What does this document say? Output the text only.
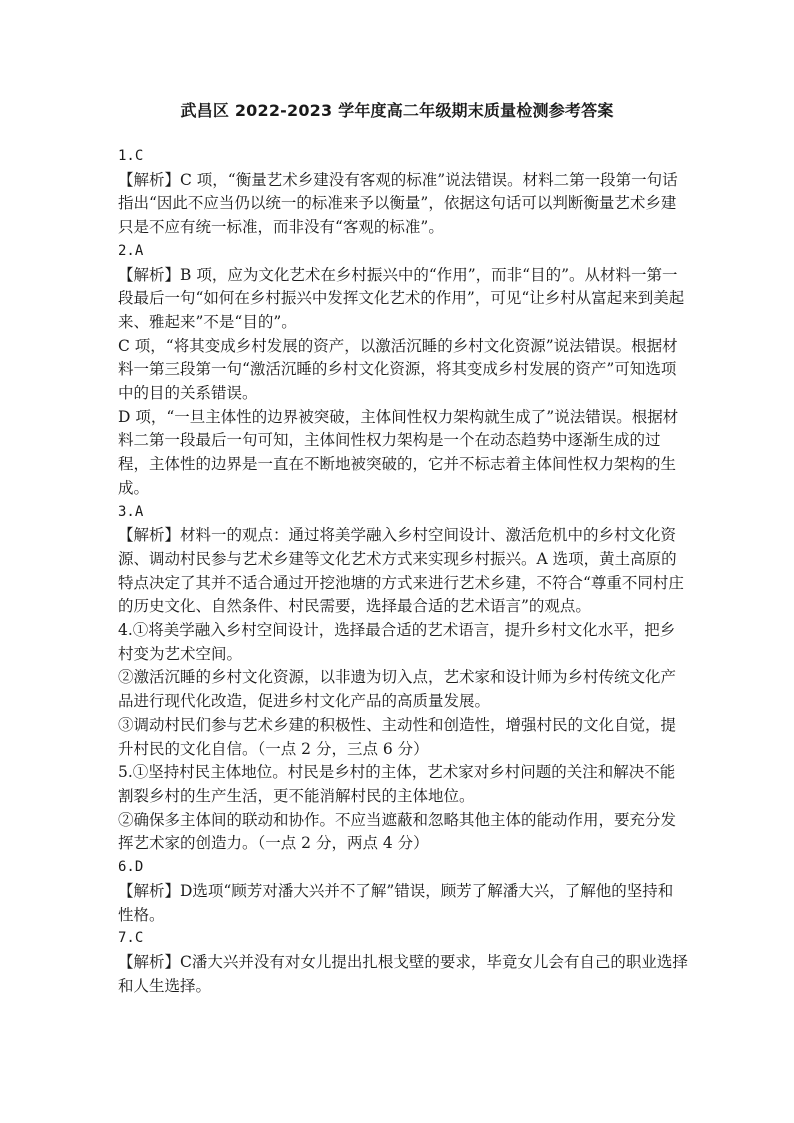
武昌区 2022-2023 学年度高二年级期末质量检测参考答案

1.C

【解析】C 项，“衡量艺术乡建没有客观的标准”说法错误。材料二第一段第一句话指出“因此不应当仍以统一的标准来予以衡量”，依据这句话可以判断衡量艺术乡建只是不应有统一标准，而非没有“客观的标准”。

2.A

【解析】B 项，应为文化艺术在乡村振兴中的“作用”，而非“目的”。从材料一第一段最后一句“如何在乡村振兴中发挥文化艺术的作用”，可见“让乡村从富起来到美起来、雅起来”不是“目的”。

C 项，“将其变成乡村发展的资产，以激活沉睡的乡村文化资源”说法错误。根据材料一第三段第一句“激活沉睡的乡村文化资源，将其变成乡村发展的资产”可知选项中的目的关系错误。

D 项，“一旦主体性的边界被突破，主体间性权力架构就生成了”说法错误。根据材料二第一段最后一句可知，主体间性权力架构是一个在动态趋势中逐渐生成的过程，主体性的边界是一直在不断地被突破的，它并不标志着主体间性权力架构的生成。

3.A

【解析】材料一的观点：通过将美学融入乡村空间设计、激活危机中的乡村文化资源、调动村民参与艺术乡建等文化艺术方式来实现乡村振兴。A 选项，黄土高原的特点决定了其并不适合通过开挖池塘的方式来进行艺术乡建，不符合“尊重不同村庄的历史文化、自然条件、村民需要，选择最合适的艺术语言”的观点。

4.①将美学融入乡村空间设计，选择最合适的艺术语言，提升乡村文化水平，把乡村变为艺术空间。

②激活沉睡的乡村文化资源，以非遗为切入点，艺术家和设计师为乡村传统文化产品进行现代化改造，促进乡村文化产品的高质量发展。

③调动村民们参与艺术乡建的积极性、主动性和创造性，增强村民的文化自觉，提升村民的文化自信。（一点 2 分，三点 6 分）

5.①坚持村民主体地位。村民是乡村的主体，艺术家对乡村问题的关注和解决不能割裂乡村的生产生活，更不能消解村民的主体地位。

②确保多主体间的联动和协作。不应当遮蔽和忽略其他主体的能动作用，要充分发挥艺术家的创造力。（一点 2 分，两点 4 分）

6.D

【解析】D选项“顾芳对潘大兴并不了解”错误，顾芳了解潘大兴，了解他的坚持和性格。

7.C

【解析】C潘大兴并没有对女儿提出扎根戈壁的要求，毕竟女儿会有自己的职业选择和人生选择。
